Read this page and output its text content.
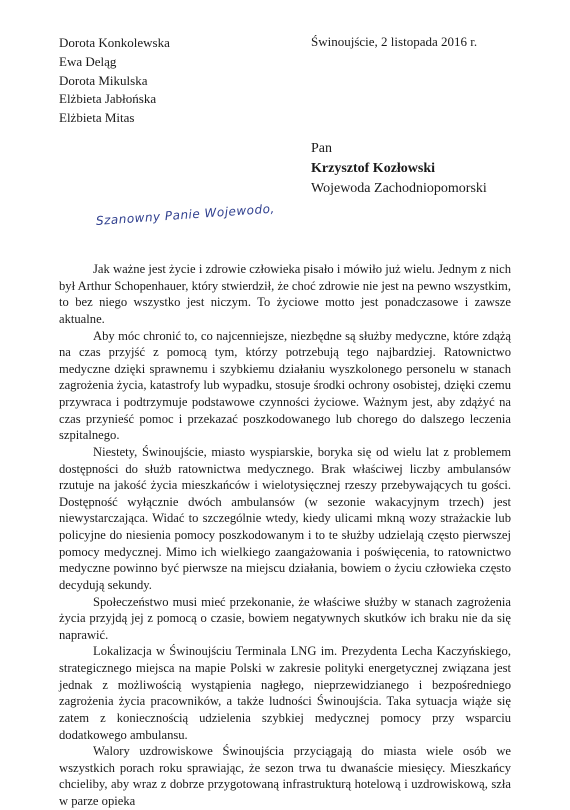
Dorota Konkolewska
Ewa Deląg
Dorota Mikulska
Elżbieta Jabłońska
Elżbieta Mitas
Świnoujście, 2 listopada 2016 r.
Pan
Krzysztof Kozłowski
Wojewoda Zachodniopomorski
Szanowny Panie Wojewodo,

Jak ważne jest życie i zdrowie człowieka pisało i mówiło już wielu. Jednym z nich był Arthur Schopenhauer, który stwierdził, że choć zdrowie nie jest na pewno wszystkim, to bez niego wszystko jest niczym. To życiowe motto jest ponadczasowe i zawsze aktualne.

Aby móc chronić to, co najcenniejsze, niezbędne są służby medyczne, które zdążą na czas przyjść z pomocą tym, którzy potrzebują tego najbardziej. Ratownictwo medyczne dzięki sprawnemu i szybkiemu działaniu wyszkolonego personelu w stanach zagrożenia życia, katastrofy lub wypadku, stosuje środki ochrony osobistej, dzięki czemu przywraca i podtrzymuje podstawowe czynności życiowe. Ważnym jest, aby zdążyć na czas przynieść pomoc i przekazać poszkodowanego lub chorego do dalszego leczenia szpitalnego.

Niestety, Świnoujście, miasto wyspiarskie, boryka się od wielu lat z problemem dostępności do służb ratownictwa medycznego. Brak właściwej liczby ambulansów rzutuje na jakość życia mieszkańców i wielotysięcznej rzeszy przebywających tu gości. Dostępność wyłącznie dwóch ambulansów (w sezonie wakacyjnym trzech) jest niewystarczająca. Widać to szczególnie wtedy, kiedy ulicami mkną wozy strażackie lub policyjne do niesienia pomocy poszkodowanym i to te służby udzielają często pierwszej pomocy medycznej. Mimo ich wielkiego zaangażowania i poświęcenia, to ratownictwo medyczne powinno być pierwsze na miejscu działania, bowiem o życiu człowieka często decydują sekundy.

Społeczeństwo musi mieć przekonanie, że właściwe służby w stanach zagrożenia życia przyjdą jej z pomocą o czasie, bowiem negatywnych skutków ich braku nie da się naprawić.

Lokalizacja w Świnoujściu Terminala LNG im. Prezydenta Lecha Kaczyńskiego, strategicznego miejsca na mapie Polski w zakresie polityki energetycznej związana jest jednak z możliwością wystąpienia nagłego, nieprzewidzianego i bezpośredniego zagrożenia życia pracowników, a także ludności Świnoujścia. Taka sytuacja wiąże się zatem z koniecznością udzielenia szybkiej medycznej pomocy przy wsparciu dodatkowego ambulansu.

Walory uzdrowiskowe Świnoujścia przyciągają do miasta wiele osób we wszystkich porach roku sprawiając, że sezon trwa tu dwanaście miesięcy. Mieszkańcy chcieliby, aby wraz z dobrze przygotowaną infrastrukturą hotelową i uzdrowiskową, szła w parze opieka
